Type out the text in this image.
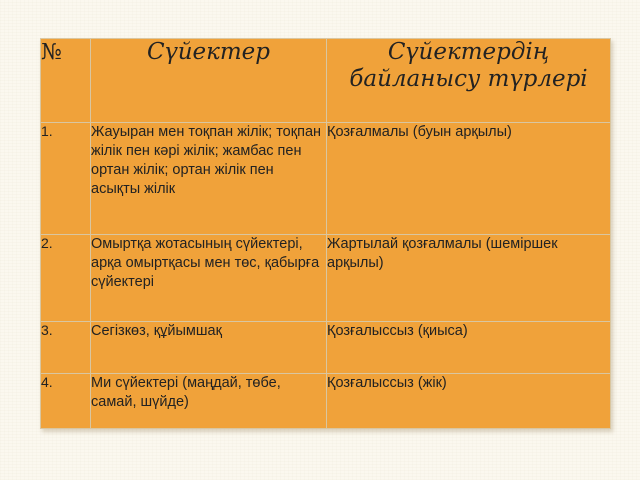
№	Сүйектер	Сүйектердің байланысу түрлері
1.	Жауыран мен тоқпан жілік; тоқпан жілік пен кәрі жілік; жамбас пен ортан жілік; ортан жілік пен асықты жілік	Қозғалмалы (буын арқылы)
2.	Омыртқа жотасының сүйектері, арқа омыртқасы мен төс, қабырға сүйектері	Жартылай қозғалмалы (шеміршек арқылы)
3.	Сегізкөз, құйымшақ	Қозғалыссыз (қиыса)
4.	Ми сүйектері (маңдай, төбе, самай, шүйде)	Қозғалыссыз (жік)
